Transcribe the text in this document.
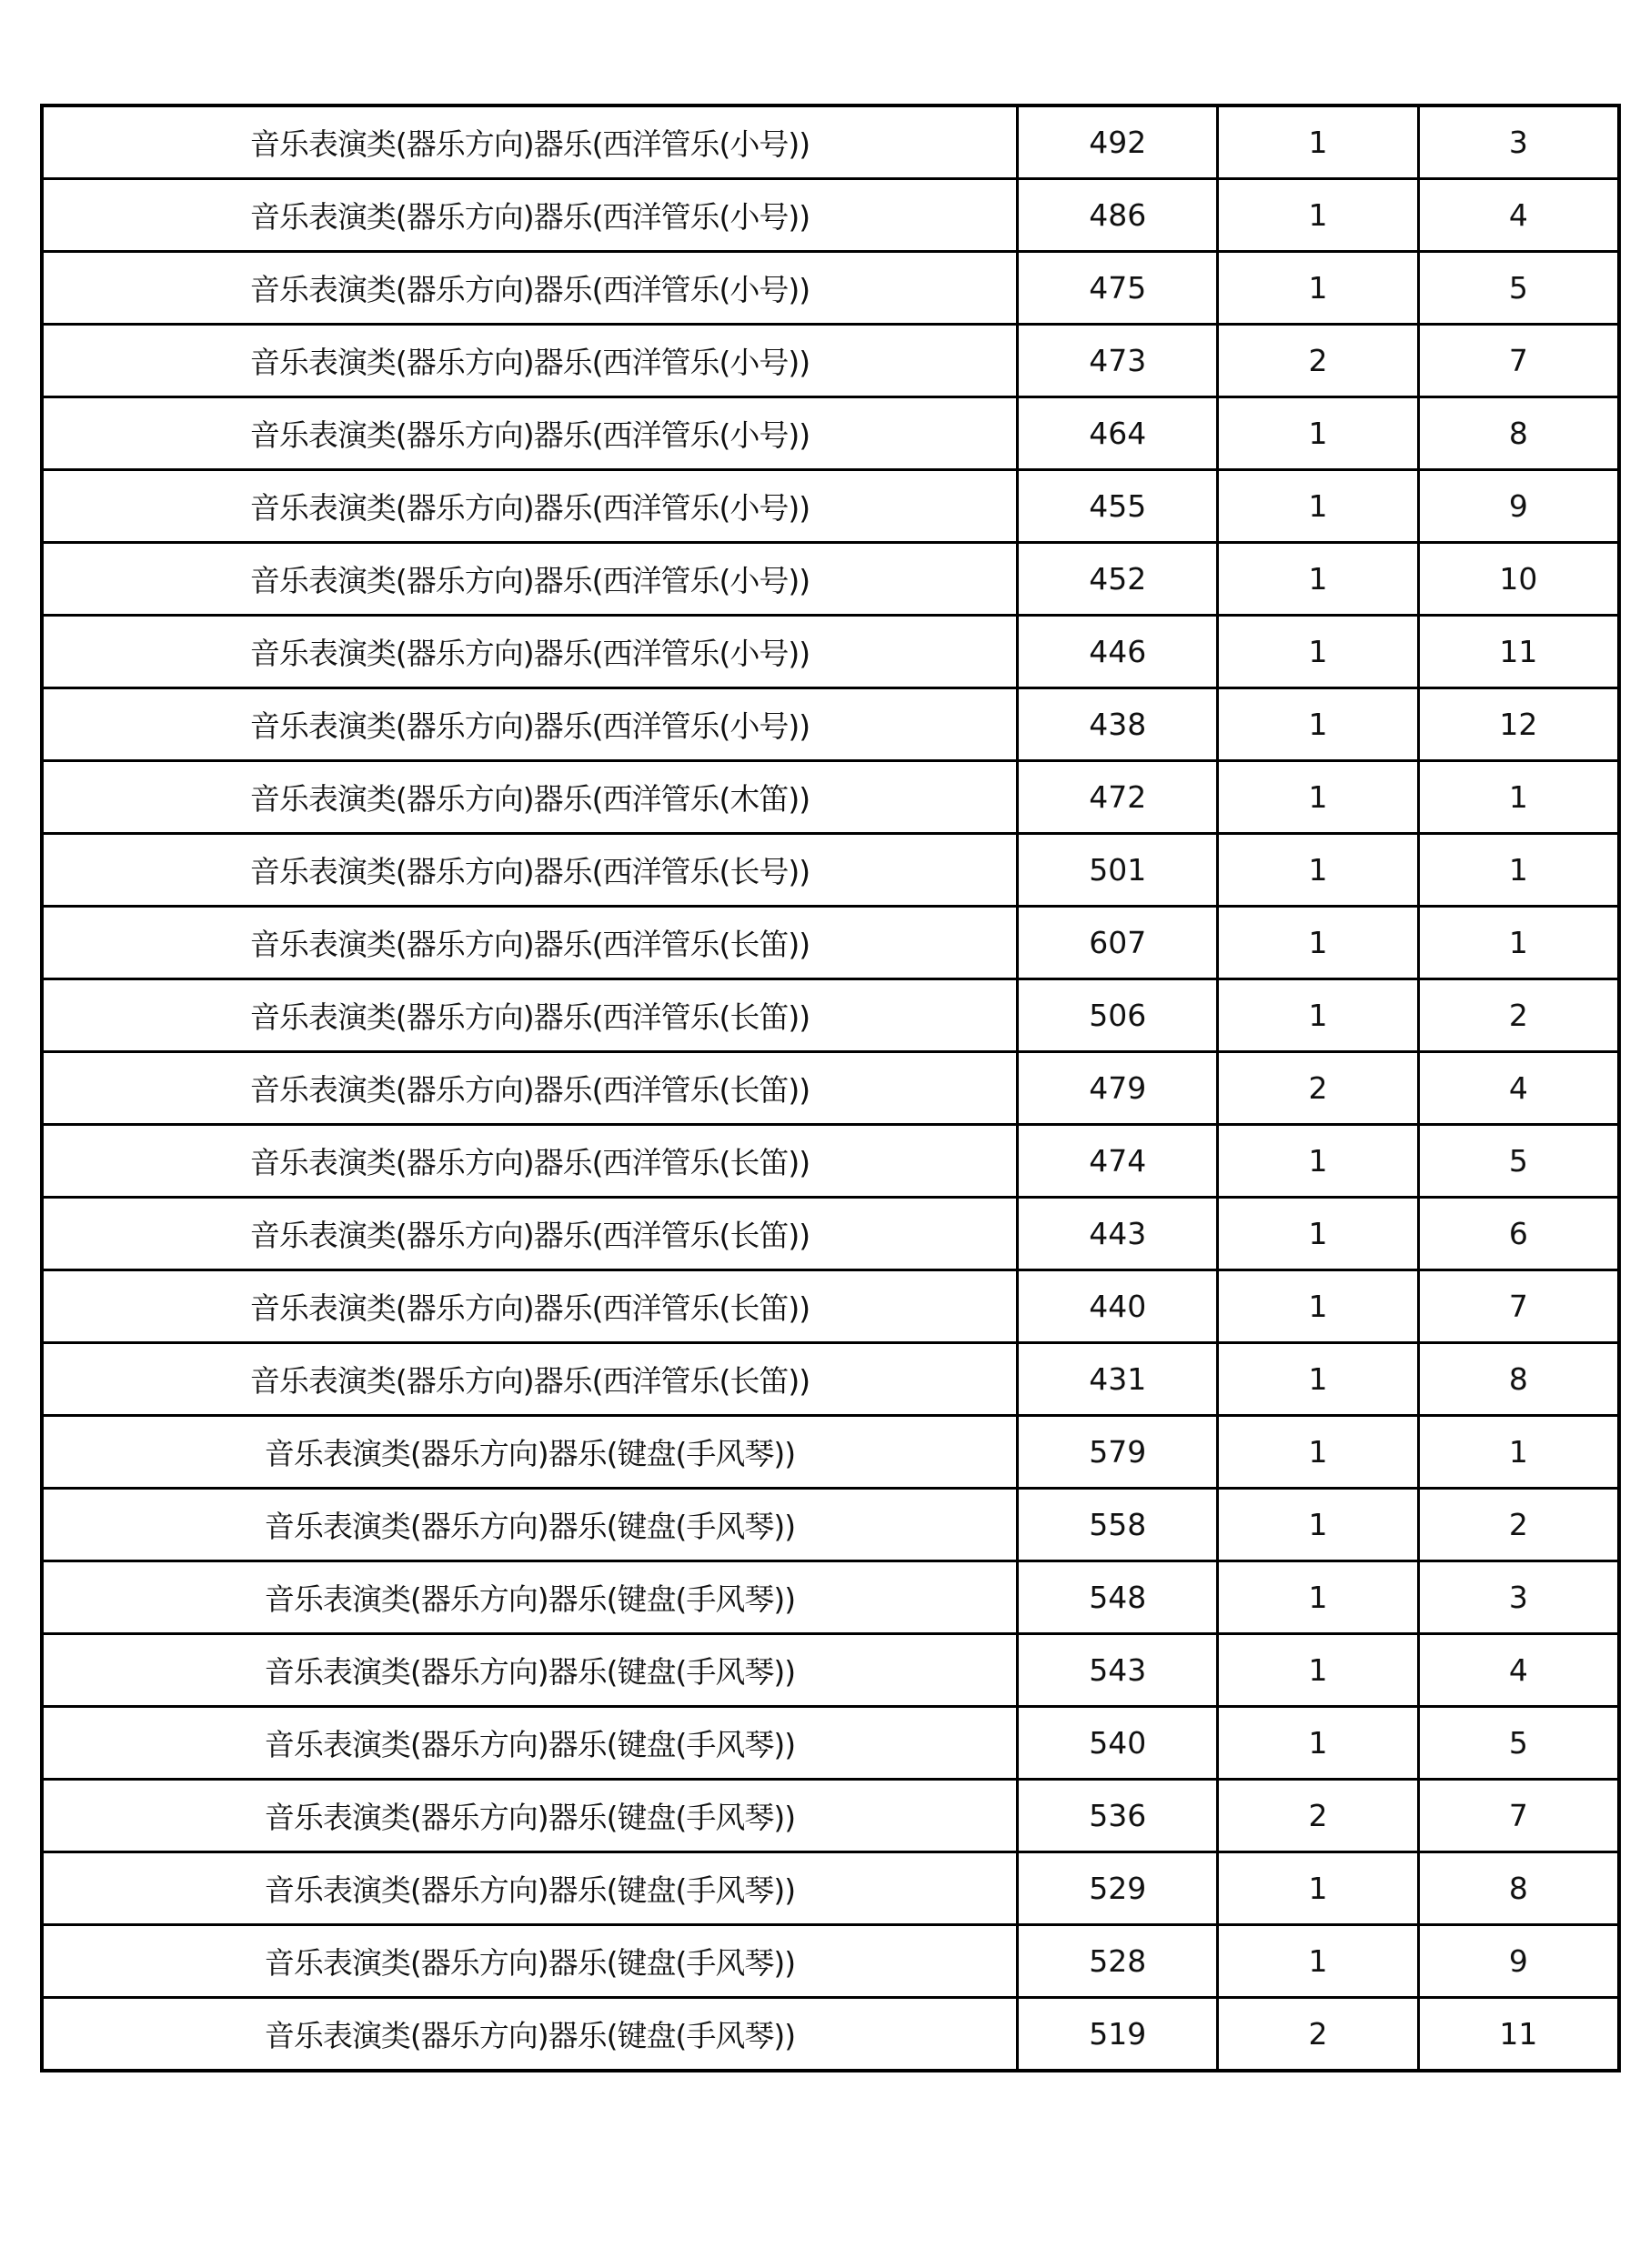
音乐表演类(器乐方向)器乐(西洋管乐(小号))	492	1	3
音乐表演类(器乐方向)器乐(西洋管乐(小号))	486	1	4
音乐表演类(器乐方向)器乐(西洋管乐(小号))	475	1	5
音乐表演类(器乐方向)器乐(西洋管乐(小号))	473	2	7
音乐表演类(器乐方向)器乐(西洋管乐(小号))	464	1	8
音乐表演类(器乐方向)器乐(西洋管乐(小号))	455	1	9
音乐表演类(器乐方向)器乐(西洋管乐(小号))	452	1	10
音乐表演类(器乐方向)器乐(西洋管乐(小号))	446	1	11
音乐表演类(器乐方向)器乐(西洋管乐(小号))	438	1	12
音乐表演类(器乐方向)器乐(西洋管乐(木笛))	472	1	1
音乐表演类(器乐方向)器乐(西洋管乐(长号))	501	1	1
音乐表演类(器乐方向)器乐(西洋管乐(长笛))	607	1	1
音乐表演类(器乐方向)器乐(西洋管乐(长笛))	506	1	2
音乐表演类(器乐方向)器乐(西洋管乐(长笛))	479	2	4
音乐表演类(器乐方向)器乐(西洋管乐(长笛))	474	1	5
音乐表演类(器乐方向)器乐(西洋管乐(长笛))	443	1	6
音乐表演类(器乐方向)器乐(西洋管乐(长笛))	440	1	7
音乐表演类(器乐方向)器乐(西洋管乐(长笛))	431	1	8
音乐表演类(器乐方向)器乐(键盘(手风琴))	579	1	1
音乐表演类(器乐方向)器乐(键盘(手风琴))	558	1	2
音乐表演类(器乐方向)器乐(键盘(手风琴))	548	1	3
音乐表演类(器乐方向)器乐(键盘(手风琴))	543	1	4
音乐表演类(器乐方向)器乐(键盘(手风琴))	540	1	5
音乐表演类(器乐方向)器乐(键盘(手风琴))	536	2	7
音乐表演类(器乐方向)器乐(键盘(手风琴))	529	1	8
音乐表演类(器乐方向)器乐(键盘(手风琴))	528	1	9
音乐表演类(器乐方向)器乐(键盘(手风琴))	519	2	11
